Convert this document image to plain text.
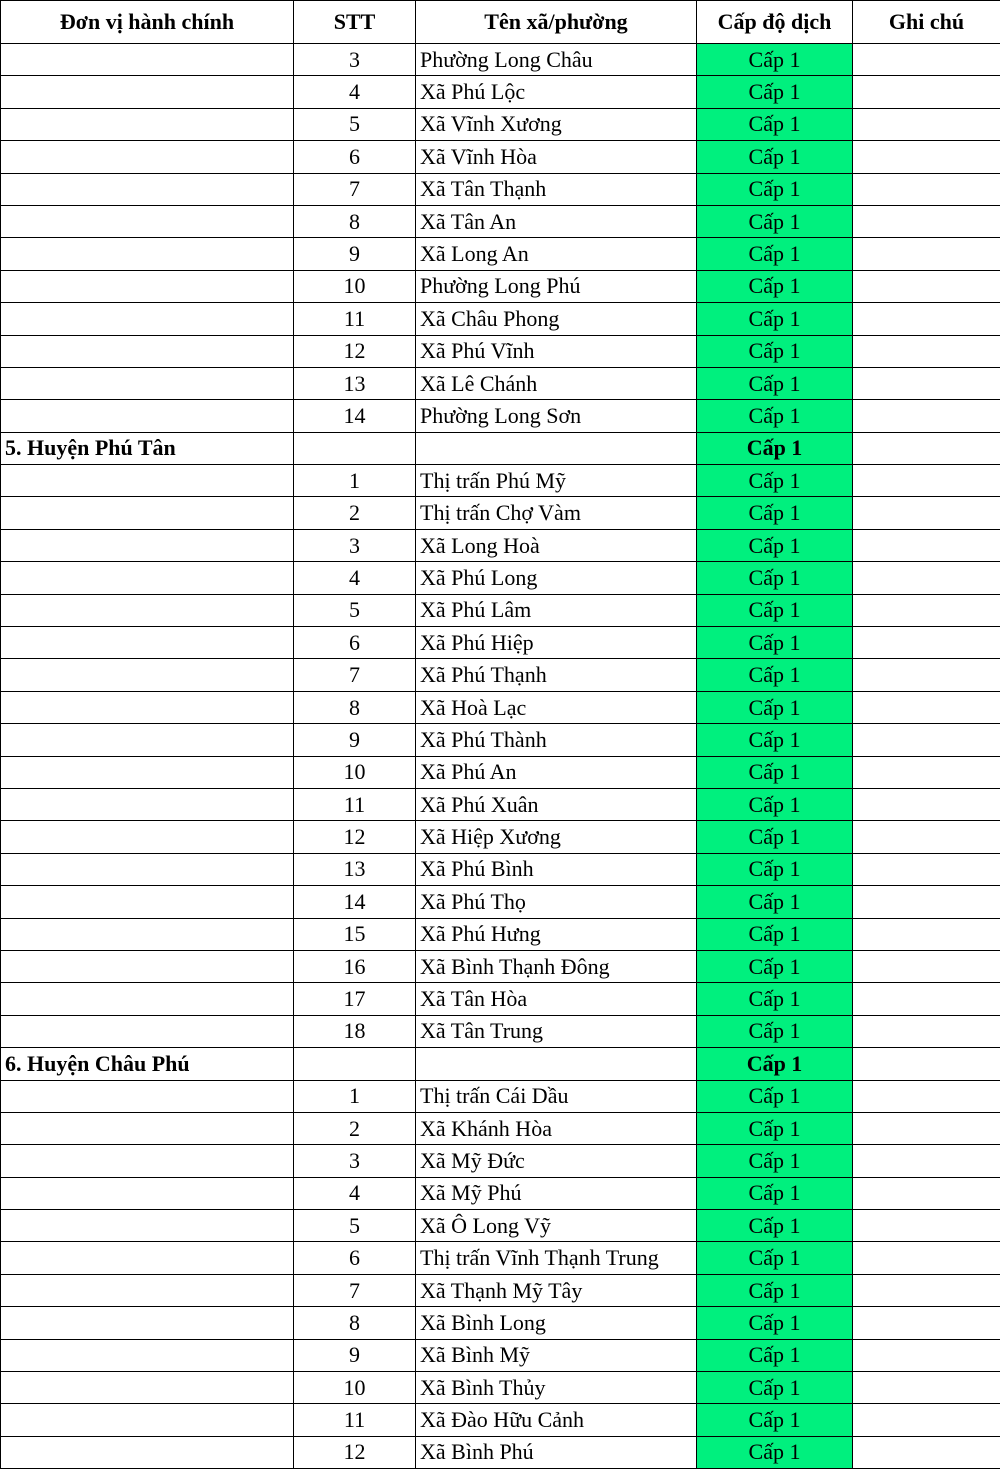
Đơn vị hành chính	STT	Tên xã/phường	Cấp độ dịch	Ghi chú
	3	Phường Long Châu	Cấp 1	
	4	Xã Phú Lộc	Cấp 1	
	5	Xã Vĩnh Xương	Cấp 1	
	6	Xã Vĩnh Hòa	Cấp 1	
	7	Xã Tân Thạnh	Cấp 1	
	8	Xã Tân An	Cấp 1	
	9	Xã Long An	Cấp 1	
	10	Phường Long Phú	Cấp 1	
	11	Xã Châu Phong	Cấp 1	
	12	Xã Phú Vĩnh	Cấp 1	
	13	Xã Lê Chánh	Cấp 1	
	14	Phường Long Sơn	Cấp 1	
5. Huyện Phú Tân			Cấp 1	
	1	Thị trấn Phú Mỹ	Cấp 1	
	2	Thị trấn Chợ Vàm	Cấp 1	
	3	Xã Long Hoà	Cấp 1	
	4	Xã Phú Long	Cấp 1	
	5	Xã Phú Lâm	Cấp 1	
	6	Xã Phú Hiệp	Cấp 1	
	7	Xã Phú Thạnh	Cấp 1	
	8	Xã Hoà Lạc	Cấp 1	
	9	Xã Phú Thành	Cấp 1	
	10	Xã Phú An	Cấp 1	
	11	Xã Phú Xuân	Cấp 1	
	12	Xã Hiệp Xương	Cấp 1	
	13	Xã Phú Bình	Cấp 1	
	14	Xã Phú Thọ	Cấp 1	
	15	Xã Phú Hưng	Cấp 1	
	16	Xã Bình Thạnh Đông	Cấp 1	
	17	Xã Tân Hòa	Cấp 1	
	18	Xã Tân Trung	Cấp 1	
6. Huyện Châu Phú			Cấp 1	
	1	Thị trấn Cái Dầu	Cấp 1	
	2	Xã Khánh Hòa	Cấp 1	
	3	Xã Mỹ Đức	Cấp 1	
	4	Xã Mỹ Phú	Cấp 1	
	5	Xã Ô Long Vỹ	Cấp 1	
	6	Thị trấn Vĩnh Thạnh Trung	Cấp 1	
	7	Xã Thạnh Mỹ Tây	Cấp 1	
	8	Xã Bình Long	Cấp 1	
	9	Xã Bình Mỹ	Cấp 1	
	10	Xã Bình Thủy	Cấp 1	
	11	Xã Đào Hữu Cảnh	Cấp 1	
	12	Xã Bình Phú	Cấp 1	
